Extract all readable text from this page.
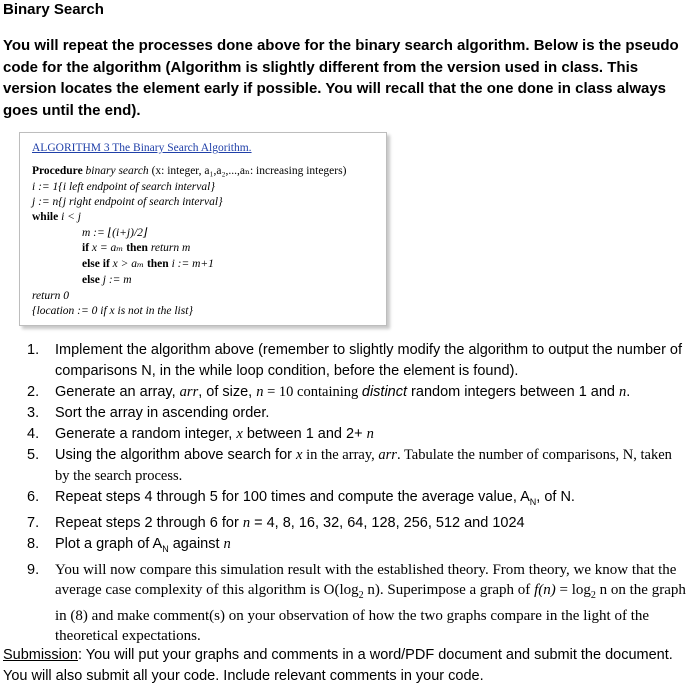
Binary Search
You will repeat the processes done above for the binary search algorithm. Below is the pseudo code for the algorithm (Algorithm is slightly different from the version used in class. This version locates the element early if possible. You will recall that the one done in class always goes until the end).
ALGORITHM 3 The Binary Search Algorithm.
Procedure binary search (x: integer, a₁,a₂,...,aₙ: increasing integers)
i := 1{i left endpoint of search interval}
j := n{j right endpoint of search interval}
while i < j
m := ⌊(i+j)/2⌋
if x = aₘ then return m
else if x > aₘ then i := m+1
else j := m
return 0
{location := 0 if x is not in the list}
1. Implement the algorithm above (remember to slightly modify the algorithm to output the number of comparisons N, in the while loop condition, before the element is found).
2. Generate an array, arr, of size, n = 10 containing distinct random integers between 1 and n.
3. Sort the array in ascending order.
4. Generate a random integer, x between 1 and 2+ n
5. Using the algorithm above search for x in the array, arr. Tabulate the number of comparisons, N, taken by the search process.
6. Repeat steps 4 through 5 for 100 times and compute the average value, $A_N$, of N.
7. Repeat steps 2 through 6 for n = 4, 8, 16, 32, 64, 128, 256, 512 and 1024
8. Plot a graph of $A_N$ against n
9. You will now compare this simulation result with the established theory. From theory, we know that the average case complexity of this algorithm is $O(\log_2$ n). Superimpose a graph of $f(n) = \log_2 n$ on the graph in (8) and make comment(s) on your observation of how the two graphs compare in the light of the theoretical expectations.
Submission: You will put your graphs and comments in a word/PDF document and submit the document. You will also submit all your code. Include relevant comments in your code.
